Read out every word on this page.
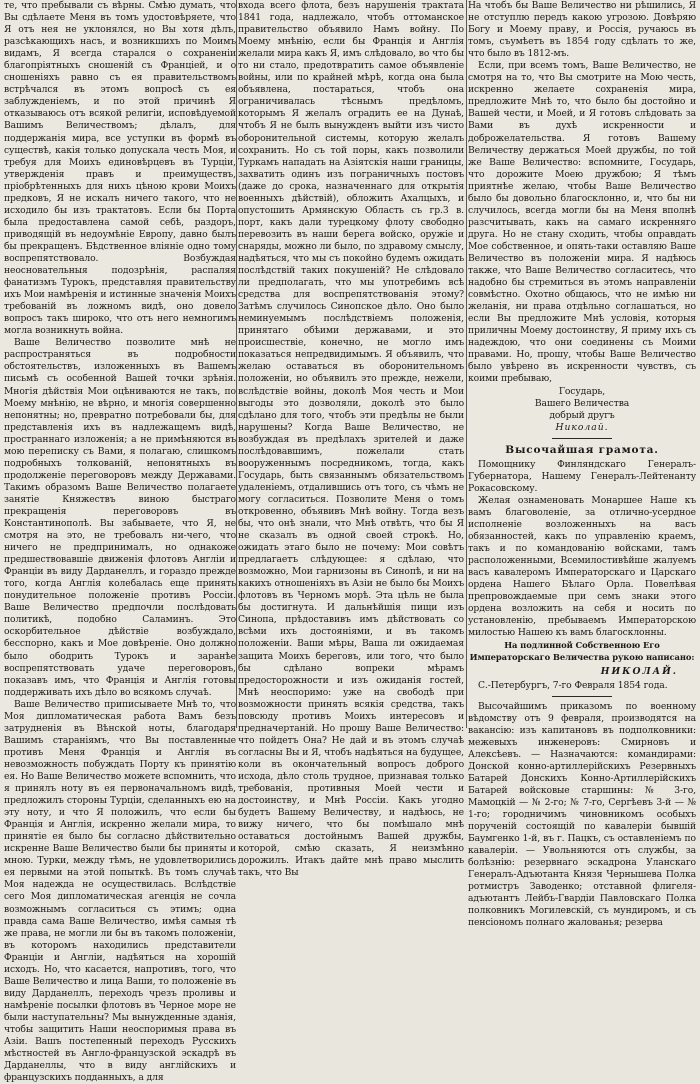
те, что пребывали съ вѣрны. Смѣю думать, что Вы сдѣлаете Меня въ томъ удостовѣряете, что Я отъ нея не уклонялся, но Вы хотя дѣлъ, разсѣкающихъ насъ, и возникшихъ по Моимъ видамъ, Я всегда старался о сохраненіи благопріятныхъ сношеній съ Франціей, и о сношеніяхъ равно съ ея правительствомъ встрѣчался въ этомъ вопросѣ съ ея заблужденіемъ, и по этой причинѣ Я отказываюсь отъ всякой религіи, исповѣдуемой Вашимъ Величествомъ; дѣлалъ, для поддержанія мира, все уступки въ формѣ въ существѣ, какія только допускала честь Моя, и требуя для Моихъ единовѣрцевъ въ Турціи, утвержденія правъ и преимуществъ, пріобрѣтенныхъ для нихъ цѣною крови Моихъ предковъ, Я не искалъ ничего такого, что не исходило бы изъ трактатовъ. Если бы Порта была предоставлена самой себѣ, раздоръ, приводящій въ недоумѣніе Европу, давно былъ бы прекращенъ. Бѣдственное вліяніе одно тому воспрепятствовало. Возбуждая неосновательныя подозрѣнія, распаляя фанатизмъ Турокъ, представляя правительству ихъ Мои намѣренія и истинные значенія Моихъ требованій въ ложномъ видѣ, оно довело вопросъ такъ широко, что отъ него немногимъ могла возникнуть война.

Ваше Величество позволите мнѣ не распространяться въ подробности обстоятельствъ, изложенныхъ въ Вашемъ письмѣ съ особенной Вашей точки зрѣнія. Многія дѣйствія Мои оцѣниваются не такъ, по Моему мнѣнію, не вѣрно, и многія совершенно непонятны; но, превратно потребовали бы, для представленія ихъ въ надлежащемъ видѣ, пространнаго изложенія; а не примѣняются въ мою переписку съ Вами, я полагаю, слишкомъ подробныхъ толкованій, непонятныхъ въ продолженіе переговоровъ между Державами. Такимъ образомъ Ваше Величество полагаете занятіе Княжествъ виною быстраго прекращенія переговоровъ въ Константинополѣ. Вы забываете, что Я, не смотря на это, не требовалъ ни-чего, что ничего не предпринималъ, но однакоже предшествовавшіе движенія флотовъ Англіи и Франціи въ виду Дарданеллъ, и гораздо прежде того, когда Англія колебалась еще принять понудительное положеніе противъ Россіи. Ваше Величество предпочли послѣдовать политикѣ, подобно Саламинъ. Это оскорбительное дѣйствіе возбуждало, бесспорно, какъ и Мое довѣреніе. Оно должно было ободрить Турокъ и заранѣе воспрепятствовать удаче переговоровъ, показавъ имъ, что Франція и Англія готовы поддерживать ихъ дѣло во всякомъ случаѣ.

Ваше Величество приписываете Мнѣ то, что Моя дипломатическая работа Вамъ безъ затрудненія въ Вѣнской ноты, благодаря Вашимъ стараніямъ, что Вы поставленные противъ Меня Франція и Англія въ невозможность побуждать Порту къ принятію ея. Но Ваше Величество можете вспомнить, что я принялъ ноту въ ея первоначальномъ видѣ, предложилъ стороны Турціи, сделанныхъ ею на эту ноту, и что Я положилъ, что если бы Франція и Англія, искренно желали мира, то принятіе ея было бы согласно дѣйствительно искренне Ваше Величество были бы приняты и мною. Турки, между тѣмъ, не удовлетворились ея первыми на этой попыткѣ. Въ томъ случаѣ Моя надежда не осуществилась. Вслѣдствіе сего Моя дипломатическая агенція не сочла возможнымъ согласиться съ этимъ; одна правда сама Ваше Величество, имѣя самыя тѣ же права, не могли ли бы въ такомъ положеніи, въ которомъ находились представители Франціи и Англіи, надѣяться на хорошій исходъ. Но, что касается, напротивъ, того, что Ваше Величество и лица Ваши, то положеніе въ виду Дарданеллъ, переходъ чрезъ проливы и намѣреніе посылки флотовъ въ Черное море не были наступательны? Мы вынужденные зданія, чтобы защитить Наши неоспоримыя права въ Азіи. Вашъ постепенный переходъ Русскихъ мѣстностей въ Англо-французской эскадрѣ въ Дарданеллы, что в виду англійскихъ и французскихъ подданныхъ, а для

входа всего флота, безъ нарушенія трактата 1841 года, надлежало, чтобъ оттоманское правительство объявило Намъ войну. По Моему мнѣнію, если бы Франція и Англія желали мира какъ Я, имъ слѣдовало, во что бы то ни стало, предотвратить самое объявленіе войны, или по крайней мѣрѣ, когда она была объявлена, постараться, чтобъ она ограничивалась тѣснымъ предѣломъ, которымъ Я желалъ оградить ее на Дунаѣ, чтобъ Я не былъ вынужденъ выйти изъ чисто оборонительной системы, которую желалъ сохранить. Но съ той поры, какъ позволили Туркамъ нападать на Азіятскія наши границы, захватить одинъ изъ пограничныхъ постовъ (даже до срока, назначеннаго для открытія военныхъ дѣйствій), обложить Ахалцыхъ, и опустошить Армянскую Область съ гр.3 в. порт, какъ дали турецкому флоту свободно перевозить въ наши берега войско, оружіе и снаряды, можно ли было, по здравому смыслу, надѣяться, что мы съ покойно будемъ ожидать послѣдствій таких покушеній? Не слѣдовало ли предполагать, что мы употребимъ всѣ средства для воспрепятствованія этому? Затѣмъ случилось Синопское дѣло. Оно было неминуемымъ послѣдствіемъ положенія, принятаго обѣими державами, и это происшествіе, конечно, не могло имъ показаться непредвидимымъ. Я объявилъ, что желаю оставаться въ оборонительномъ положеніи, но объявилъ это прежде, нежели, вслѣдствіе войны, доколѣ Моя честь и Мои выгоды это дозволяли, доколѣ это было сдѣлано для того, чтобъ эти предѣлы не были нарушены? Когда Ваше Величество, не возбуждая въ предѣлахъ зрителей и даже послѣдовавшимъ, пожелали стать вооруженнымъ посредникомъ, тогда, какъ Государь, быть связаннымъ обязательствомъ удаленіемъ, отдалившись отъ того, съ чѣмъ не могу согласиться. Позволите Меня о томъ откровенно, объявивъ Мнѣ войну. Тогда везъ бы, что онѣ знали, что Мнѣ отвѣтъ, что бы Я не сказалъ въ одной своей строкѣ. Но, ожидать этаго было не почему: Мои совѣтъ предлагаетъ слѣдующее: я сдѣлаю, что возможно, Мои гарнизоны въ Синопѣ, и ни на какихъ отношеніяхъ въ Азіи не было бы Моихъ флотовъ въ Черномъ морѣ. Эта цѣль не была бы достигнута. И дальнѣйшія пищи изъ Синопа, прѣдоставивъ имъ дѣйствовать со всѣми ихъ достояніями, и въ такомъ положеніи. Ваши мѣры, Ваша ли ожидаемая защита Моихъ береговъ, или того, что было бы сдѣлано вопреки мѣрамъ предосторожности и изъ ожиданія гостей, Мнѣ неоспоримо: уже на свободѣ при возможности принять всякія средства, такъ повсюду противъ Моихъ интересовъ и предначертаній. Но прошу Ваше Величество: что пойдетъ Она? Не дай и въ этомъ случаѣ согласны Вы и Я, чтобъ надѣяться на будущее, коли въ окончательный вопросъ доброго исхода, дѣло столь трудное, признавая только требованія, противныя Моей чести и достоинству, и Мнѣ Россіи. Какъ угодно будетъ Вашему Величеству, и надѣюсь, не вижу ничего, что бы помѣшало мнѣ оставаться достойнымъ Вашей дружбы, которой, смѣю сказать, Я неизмѣнно дорожилъ. Итакъ дайте мнѣ право мыслить такъ, что Вы

На чтобъ бы Ваше Величество ни рѣшились, Я не отступлю передъ какою угрозою. Довѣряю Богу и Моему праву, и Россія, ручаюсь въ томъ, съумѣетъ въ 1854 году сдѣлать то же, что было въ 1812-мъ.

Если, при всемъ томъ, Ваше Величество, не смотря на то, что Вы смотрите на Мою честь, искренно желаете сохраненія мира, предложите Мнѣ то, что было бы достойно и Вашей чести, и Моей, и Я готовъ слѣдовать за Вами въ духѣ искренности и доброжелательства. Я готовъ Вашему Величеству держаться Моей дружбы, по той же Ваше Величество: вспомните, Государь, что дорожите Моею дружбою; Я тѣмъ приятнѣе желаю, чтобы Ваше Величество было бы довольно благосклонно, и, что бы ни случилось, всегда могли бы на Меня вполнѣ разсчитывать, какъ на самаго искренняго друга. Но не стану сходить, чтобы оправдать Мое собственное, и опять-таки оставляю Ваше Величество въ положеніи мира. Я надѣюсь также, что Ваше Величество согласитесь, что надобно бы стремиться въ этомъ направленіи совмѣстно. Охотно общаюсь, что не имѣю ни желанія, ни права отдѣльно соглашаться, но если Вы предложите Мнѣ условія, которыя приличны Моему достоинству, Я приму ихъ съ надеждою, что они соединены съ Моими правами. Но, прошу, чтобы Ваше Величество было увѣрено въ искренности чувствъ, съ коими пребываю,

Государь,
Вашего Величества
добрый другъ
Николай.
Высочайшая грамота.

Помощнику Финляндскаго Генералъ-Губернатора, Нашему Генералъ-Лейтенанту Рокасовскому.

Желая ознаменовать Монаршее Нашe къ вамъ благоволеніе, за отлично-усердное исполненіе возложенныхъ на васъ обязанностей, какъ по управленію краемъ, такъ и по командованію войсками, тамъ расположенными, Всемилостивѣйше жалуемъ васъ кавалеромъ Императорскаго и Царскаго ордена Нашего Бѣлаго Орла. Повелѣвая препровождаемые при семъ знаки этого ордена возложить на себя и носить по установленію, пребываемъ Императорскою милостью Нашею къ вамъ благосклонны.

На подлинной Собственною Его Императорскаго Величества рукою написано:
НИКОЛАЙ.

С.-Петербургъ, 7-го Февраля 1854 года.

Высочайшимъ приказомъ по военному вѣдомству отъ 9 февраля, производятся на вакансію: изъ капитановъ въ подполковники: межевыхъ инженеровъ: Смирновъ и Алексѣевъ. — Назначаются: командирами: Донской конно-артиллерійскихъ Резервныхъ Батарей Донскихъ Конно-Артиллерійскихъ Батарей войсковые старшины: № 3-го, Мамоцкій — № 2-го; № 7-го, Сергѣевъ 3-й — № 1-го; городничимъ чиновникомъ особыхъ порученій состоящій по кавалеріи бывшій Баумгенко 1-й, въ г. Пацкъ, съ оставленіемъ по кавалеріи. — Увольняются отъ службы, за болѣзнію: резервнаго эскадрона Уланскаго Генералъ-Адъютанта Князя Чернышева Полка ротмистръ Заводенко; отставной флигеля-адъютантъ Лейбъ-Гвардіи Павловскаго Полка полковникъ Могилевскій, съ мундиромъ, и съ пенсіономъ полнаго жалованья; резерва
